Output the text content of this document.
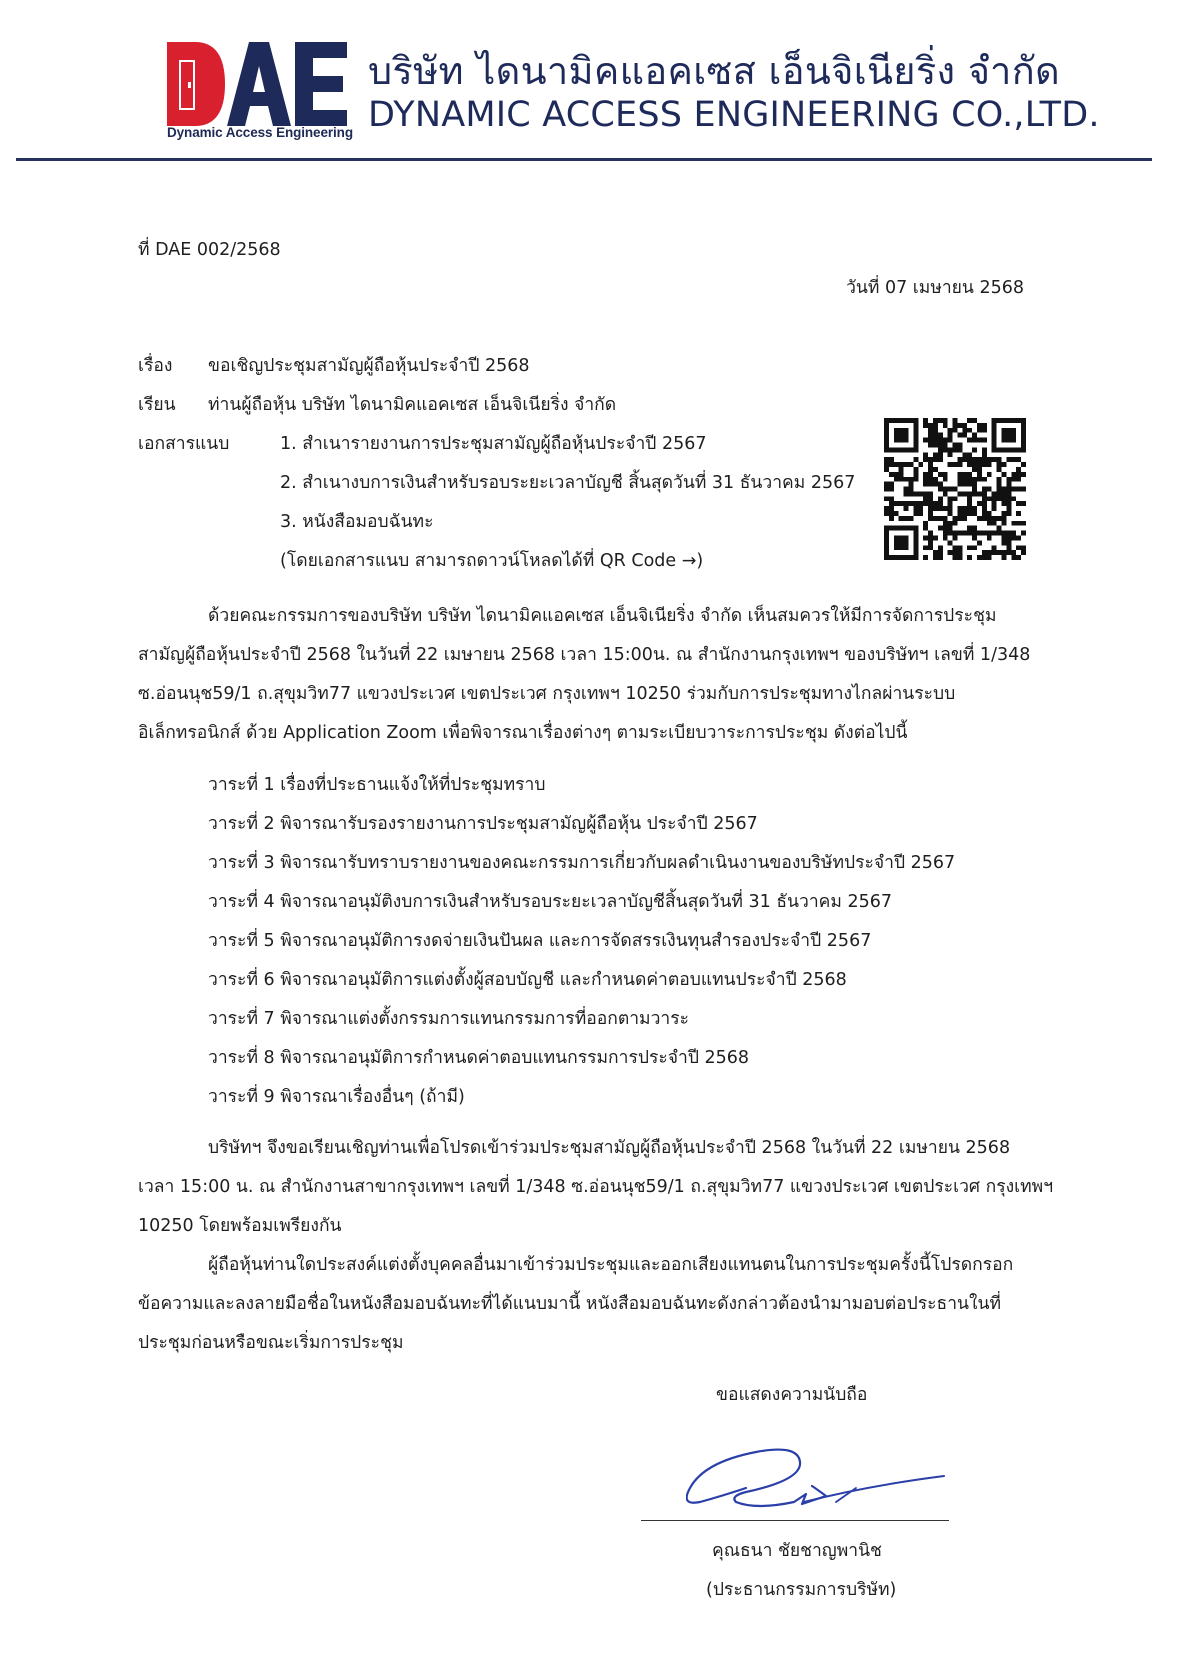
Dynamic Access Engineering
บริษัท ไดนามิคแอคเซส เอ็นจิเนียริ่ง จำกัด
DYNAMIC ACCESS ENGINEERING CO.,LTD.
ที่ DAE 002/2568
วันที่ 07 เมษายน 2568
เรื่อง ขอเชิญประชุมสามัญผู้ถือหุ้นประจำปี 2568
เรียน ท่านผู้ถือหุ้น บริษัท ไดนามิคแอคเซส เอ็นจิเนียริ่ง จำกัด
เอกสารแนบ	1. สำเนารายงานการประชุมสามัญผู้ถือหุ้นประจำปี 2567
2. สำเนางบการเงินสำหรับรอบระยะเวลาบัญชี สิ้นสุดวันที่ 31 ธันวาคม 2567
3. หนังสือมอบฉันทะ
(โดยเอกสารแนบ สามารถดาวน์โหลดได้ที่ QR Code →)
ด้วยคณะกรรมการของบริษัท บริษัท ไดนามิคแอคเซส เอ็นจิเนียริ่ง จำกัด เห็นสมควรให้มีการจัดการประชุม
สามัญผู้ถือหุ้นประจำปี 2568 ในวันที่ 22 เมษายน 2568 เวลา 15:00น. ณ สำนักงานกรุงเทพฯ ของบริษัทฯ เลขที่ 1/348
ซ.อ่อนนุช59/1 ถ.สุขุมวิท77 แขวงประเวศ เขตประเวศ กรุงเทพฯ 10250 ร่วมกับการประชุมทางไกลผ่านระบบ
อิเล็กทรอนิกส์ ด้วย Application Zoom เพื่อพิจารณาเรื่องต่างๆ ตามระเบียบวาระการประชุม ดังต่อไปนี้
วาระที่ 1 เรื่องที่ประธานแจ้งให้ที่ประชุมทราบ
วาระที่ 2 พิจารณารับรองรายงานการประชุมสามัญผู้ถือหุ้น ประจำปี 2567
วาระที่ 3 พิจารณารับทราบรายงานของคณะกรรมการเกี่ยวกับผลดำเนินงานของบริษัทประจำปี 2567
วาระที่ 4 พิจารณาอนุมัติงบการเงินสำหรับรอบระยะเวลาบัญชีสิ้นสุดวันที่ 31 ธันวาคม 2567
วาระที่ 5 พิจารณาอนุมัติการงดจ่ายเงินปันผล และการจัดสรรเงินทุนสำรองประจำปี 2567
วาระที่ 6 พิจารณาอนุมัติการแต่งตั้งผู้สอบบัญชี และกำหนดค่าตอบแทนประจำปี 2568
วาระที่ 7 พิจารณาแต่งตั้งกรรมการแทนกรรมการที่ออกตามวาระ
วาระที่ 8 พิจารณาอนุมัติการกำหนดค่าตอบแทนกรรมการประจำปี 2568
วาระที่ 9 พิจารณาเรื่องอื่นๆ (ถ้ามี)
บริษัทฯ จึงขอเรียนเชิญท่านเพื่อโปรดเข้าร่วมประชุมสามัญผู้ถือหุ้นประจำปี 2568 ในวันที่ 22 เมษายน 2568
เวลา 15:00 น. ณ สำนักงานสาขากรุงเทพฯ เลขที่ 1/348 ซ.อ่อนนุช59/1 ถ.สุขุมวิท77 แขวงประเวศ เขตประเวศ กรุงเทพฯ
10250 โดยพร้อมเพรียงกัน
ผู้ถือหุ้นท่านใดประสงค์แต่งตั้งบุคคลอื่นมาเข้าร่วมประชุมและออกเสียงแทนตนในการประชุมครั้งนี้โปรดกรอก
ข้อความและลงลายมือชื่อในหนังสือมอบฉันทะที่ได้แนบมานี้ หนังสือมอบฉันทะดังกล่าวต้องนำมามอบต่อประธานในที่
ประชุมก่อนหรือขณะเริ่มการประชุม
ขอแสดงความนับถือ
คุณธนา ชัยชาญพานิช
(ประธานกรรมการบริษัท)
